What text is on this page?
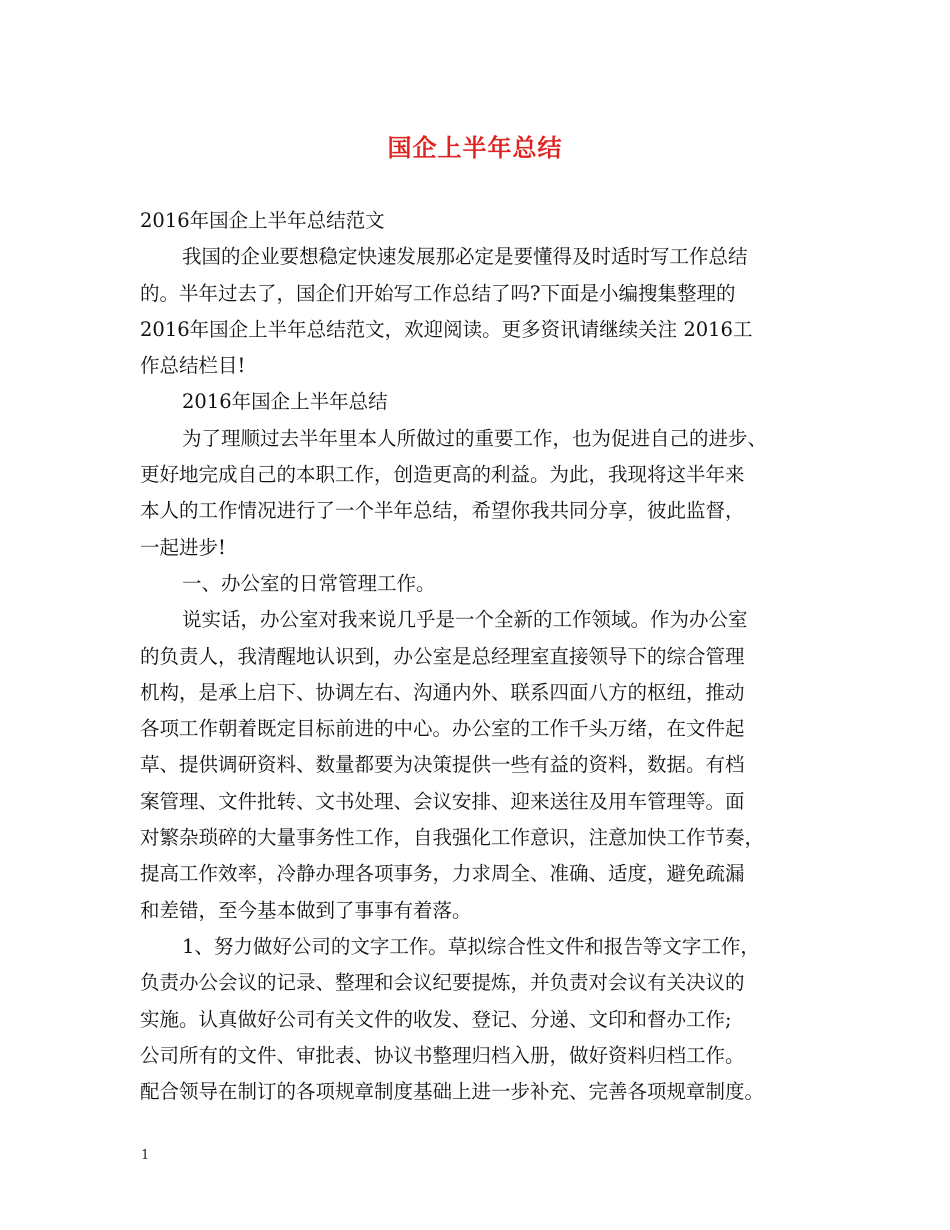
国企上半年总结
2016年国企上半年总结范文
我国的企业要想稳定快速发展那必定是要懂得及时适时写工作总结
的。半年过去了，国企们开始写工作总结了吗?下面是小编搜集整理的
2016年国企上半年总结范文，欢迎阅读。更多资讯请继续关注 2016工
作总结栏目!
2016年国企上半年总结
为了理顺过去半年里本人所做过的重要工作，也为促进自己的进步、
更好地完成自己的本职工作，创造更高的利益。为此，我现将这半年来
本人的工作情况进行了一个半年总结，希望你我共同分享，彼此监督，
一起进步!
一、办公室的日常管理工作。
说实话，办公室对我来说几乎是一个全新的工作领域。作为办公室
的负责人，我清醒地认识到，办公室是总经理室直接领导下的综合管理
机构，是承上启下、协调左右、沟通内外、联系四面八方的枢纽，推动
各项工作朝着既定目标前进的中心。办公室的工作千头万绪，在文件起
草、提供调研资料、数量都要为决策提供一些有益的资料，数据。有档
案管理、文件批转、文书处理、会议安排、迎来送往及用车管理等。面
对繁杂琐碎的大量事务性工作，自我强化工作意识，注意加快工作节奏，
提高工作效率，冷静办理各项事务，力求周全、准确、适度，避免疏漏
和差错，至今基本做到了事事有着落。
1、努力做好公司的文字工作。草拟综合性文件和报告等文字工作，
负责办公会议的记录、整理和会议纪要提炼，并负责对会议有关决议的
实施。认真做好公司有关文件的收发、登记、分递、文印和督办工作;
公司所有的文件、审批表、协议书整理归档入册，做好资料归档工作。
配合领导在制订的各项规章制度基础上进一步补充、完善各项规章制度。
1
